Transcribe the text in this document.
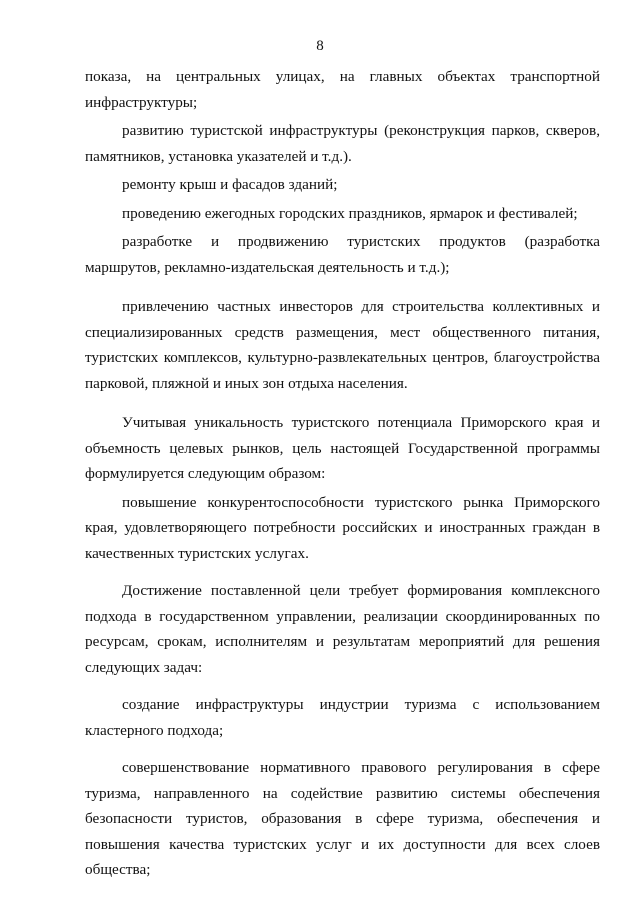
8

показа, на центральных улицах, на главных объектах транспортной инфраструктуры;

развитию туристской инфраструктуры (реконструкция парков, скверов, памятников, установка указателей и т.д.).

ремонту крыш и фасадов зданий;

проведению ежегодных городских праздников, ярмарок и фестивалей;

разработке и продвижению туристских продуктов (разработка маршрутов, рекламно-издательская деятельность и т.д.);

привлечению частных инвесторов для строительства коллективных и специализированных средств размещения, мест общественного питания, туристских комплексов, культурно-развлекательных центров, благоустройства парковой, пляжной и иных зон отдыха населения.

Учитывая уникальность туристского потенциала Приморского края и объемность целевых рынков, цель настоящей Государственной программы формулируется следующим образом:

повышение конкурентоспособности туристского рынка Приморского края, удовлетворяющего потребности российских и иностранных граждан в качественных туристских услугах.

Достижение поставленной цели требует формирования комплексного подхода в государственном управлении, реализации скоординированных по ресурсам, срокам, исполнителям и результатам мероприятий для решения следующих задач:

создание инфраструктуры индустрии туризма с использованием кластерного подхода;

совершенствование нормативного правового регулирования в сфере туризма, направленного на содействие развитию системы обеспечения безопасности туристов, образования в сфере туризма, обеспечения и повышения качества туристских услуг и их доступности для всех слоев общества;
